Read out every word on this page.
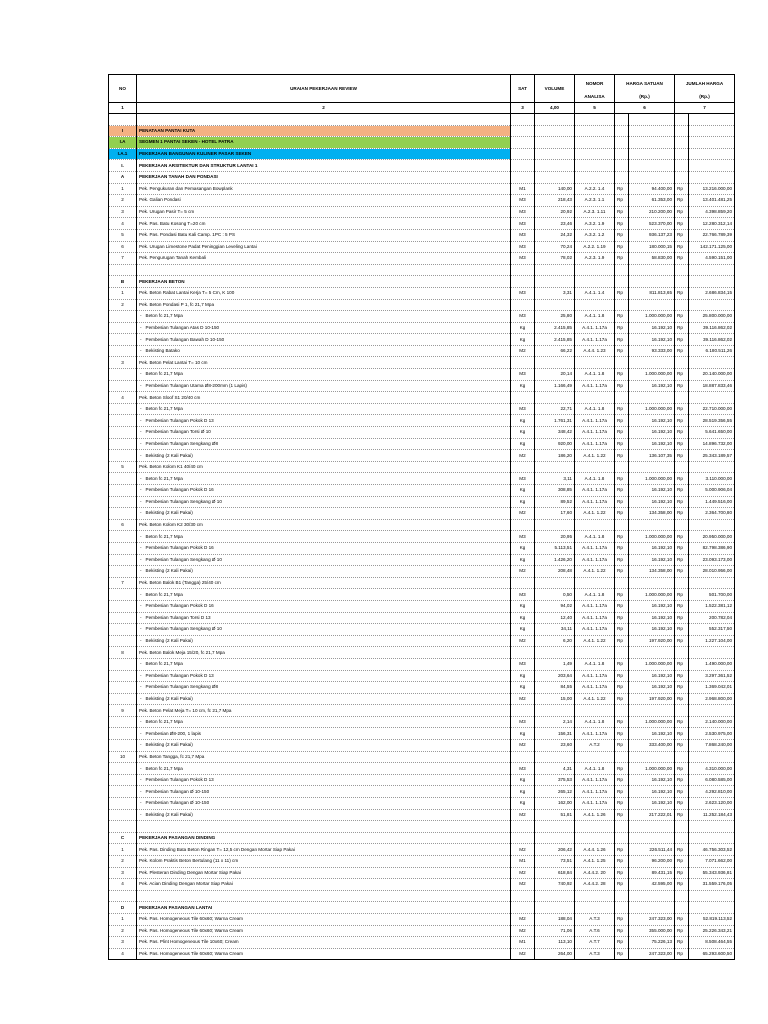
NO	URAIAN PEKERJAAN REVIEW	SAT	VOLUME	NOMOR	HARGA SATUAN		JUMLAH HARGA	
				ANALISA	(Rp.)		(Rp.)	
1	2	3	4,00	5	6		7	

I	PENATAAN PANTAI KUTA							
I.A	SEGMEN 1 PANTAI SEKEN - HOTEL PATRA							
I.A.1	PEKERJAAN BANGUNAN KULINER PASAR SEKEN							
I.	PEKERJAAN ARSITEKTUR DAN STRUKTUR LANTAI 1							
A	PEKERJAAN TANAH DAN PONDASI							
1	Pek. Pengukuran dan Pemasangan Bowplank	M1	140,00	A.2.2. 1.4	Rp	94.400,00	Rp	13.216.000,00
2	Pek. Galian Pondasi	M3	218,43	A.2.3. 1.1	Rp	61.353,00	Rp	13.401.481,25
3	Pek. Urugan Pasir T= 5 cm	M3	20,92	A.2.3. 1.11	Rp	210.200,00	Rp	4.398.859,20
4	Pek. Pas. Batu Kosong T=20 cm	M3	23,46	A.3.2. 1.9	Rp	523.370,00	Rp	12.280.312,14
5	Pek. Pas. Pondasi Batu Kali Camp. 1PC : 5 PS	M3	24,32	A.3.2. 1.2	Rp	936.137,23	Rp	22.766.789,39
6	Pek. Urugan Limestone Padat Peninggian Leveling Lantai	M3	70,24	A.2.2. 1.19	Rp	180.000,15	Rp	142.171.125,00
7	Pek. Pengurugan Tanah Kembali	M3	78,02	A.2.3. 1.9	Rp	58.830,00	Rp	4.590.151,00

B	PEKERJAAN BETON							
1	Pek. Beton Rabat Lantai Kerja T= 5 Cm, K 100	M3	3,31	A.4.1. 1.4	Rp	811.813,65	Rp	2.686.834,15
2	Pek. Beton Pondasi P 1, fc 21,7 Mpa							
	- Beton fc 21,7 Mpa	M3	25,80	A.4.1. 1.8	Rp	1.000.000,00	Rp	25.800.000,00
	- Pembesian Tulangan Atas D 10-150	Kg	2.415,85	A.4.1. 1.17a	Rp	16.192,10	Rp	39.116.862,02
	- Pembesian Tulangan Bawah D 10-150	Kg	2.415,85	A.4.1. 1.17a	Rp	16.192,10	Rp	39.116.862,02
	- Bekisting Batako	M2	66,22	A.4.4. 1.23	Rp	93.333,00	Rp	6.180.511,26
3	Pek. Beton Pelat Lantai T= 10 cm							
	- Beton fc 21,7 Mpa	M3	20,14	A.4.1. 1.8	Rp	1.000.000,00	Rp	20.140.000,00
	- Pembesian Tulangan Utama Ø8-200mm (1 Lapis)	Kg	1.166,49	A.4.1. 1.17a	Rp	16.192,10	Rp	18.887.833,46
4	Pek. Beton Sloof S1 20/40 cm							
	- Beton fc 21,7 Mpa	M3	22,71	A.4.1. 1.8	Rp	1.000.000,00	Rp	22.710.000,00
	- Pembesian Tulangan Pokok D 13	Kg	1.761,31	A.4.1. 1.17a	Rp	16.192,10	Rp	28.519.356,55
	- Pembesian Tulangan Torsi Ø 10	Kg	348,42	A.4.1. 1.17a	Rp	16.192,10	Rp	5.641.650,00
	- Pembesian Tulangan Sengkang Ø8	Kg	920,00	A.4.1. 1.17a	Rp	16.192,10	Rp	14.896.732,00
	- Bekisting (2 Kali Pakai)	M2	186,20	A.4.1. 1.22	Rp	136.107,35	Rp	25.343.189,57
5	Pek. Beton Kolom K1 40/40 cm							
	- Beton fc 21,7 Mpa	M3	3,11	A.4.1. 1.8	Rp	1.000.000,00	Rp	3.110.000,00
	- Pembesian Tulangan Pokok D 16	Kg	308,85	A.4.1. 1.17a	Rp	16.192,10	Rp	5.000.906,04
	- Pembesian Tulangan Sengkang Ø 10	Kg	89,52	A.4.1. 1.17a	Rp	16.192,10	Rp	1.449.516,00
	- Bekisting (2 Kali Pakai)	M2	17,60	A.4.1. 1.22	Rp	134.358,00	Rp	2.364.700,80
6	Pek. Beton Kolom K2 30/30 cm							
	- Beton fc 21,7 Mpa	M3	20,95	A.4.1. 1.8	Rp	1.000.000,00	Rp	20.950.000,00
	- Pembesian Tulangan Pokok D 16	Kg	5.113,51	A.4.1. 1.17a	Rp	16.192,10	Rp	82.798.386,90
	- Pembesian Tulangan Sengkang Ø 10	Kg	1.426,20	A.4.1. 1.17a	Rp	16.192,10	Rp	23.093.173,00
	- Bekisting (2 Kali Pakai)	M2	208,48	A.4.1. 1.22	Rp	134.358,00	Rp	28.010.956,00
7	Pek. Beton Balok B1 (Tangga) 25/40 cm							
	- Beton fc 21,7 Mpa	M3	0,50	A.4.1. 1.8	Rp	1.000.000,00	Rp	501.700,00
	- Pembesian Tulangan Pokok D 16	Kg	94,02	A.4.1. 1.17a	Rp	16.192,10	Rp	1.522.381,12
	- Pembesian Tulangan Torsi D 13	Kg	12,40	A.4.1. 1.17a	Rp	16.192,10	Rp	200.782,04
	- Pembesian Tulangan Sengkang Ø 10	Kg	34,11	A.4.1. 1.17a	Rp	16.192,10	Rp	552.317,50
	- Bekisting (2 Kali Pakai)	M2	6,20	A.4.1. 1.22	Rp	197.920,00	Rp	1.227.104,00
8	Pek. Beton Balok Meja 15/20, fc 21,7 Mpa							
	- Beton fc 21,7 Mpa	M3	1,49	A.4.1. 1.8	Rp	1.000.000,00	Rp	1.490.000,00
	- Pembesian Tulangan Pokok D 13	Kg	203,64	A.4.1. 1.17a	Rp	16.192,10	Rp	3.297.361,52
	- Pembesian Tulangan Sengkang Ø8	Kg	84,55	A.4.1. 1.17a	Rp	16.192,10	Rp	1.369.042,01
	- Bekisting (2 Kali Pakai)	M2	15,00	A.4.1. 1.22	Rp	197.920,00	Rp	2.968.800,00
9	Pek. Beton Pelat Meja T= 10 cm, fc 21,7 Mpa							
	- Beton fc 21,7 Mpa	M3	2,14	A.4.1. 1.8	Rp	1.000.000,00	Rp	2.140.000,00
	- Pembesian Ø8-200, 1 lapis	Kg	156,31	A.4.1. 1.17a	Rp	16.192,10	Rp	2.530.975,00
	- Bekisting (2 Kali Pakai)	M2	23,60	A.T.2	Rp	333.400,00	Rp	7.868.240,00
10	Pek. Beton Tangga, fc 21,7 Mpa							
	- Beton fc 21,7 Mpa	M3	4,31	A.4.1. 1.8	Rp	1.000.000,00	Rp	4.310.000,00
	- Pembesian Tulangan Pokok D 13	Kg	375,53	A.4.1. 1.17a	Rp	16.192,10	Rp	6.080.585,00
	- Pembesian Tulangan Ø 10-150	Kg	265,12	A.4.1. 1.17a	Rp	16.192,10	Rp	4.292.810,00
	- Pembesian Tulangan Ø 10-150	Kg	162,00	A.4.1. 1.17a	Rp	16.192,10	Rp	2.623.120,00
	- Bekisting (2 Kali Pakai)	M2	51,81	A.4.1. 1.26	Rp	217.222,01	Rp	11.252.184,43

C	PEKERJAAN PASANGAN DINDING							
1	Pek. Pas. Dinding Bata Beton Ringan T= 12,5 cm Dengan Mortar Siap Pakai	M2	206,42	A.4.4. 1.26	Rp	226.511,44	Rp	46.756.303,52
2	Pek. Kolom Praktis Beton Bertulang (11 x 11) cm	M1	73,51	A.4.1. 1.25	Rp	96.200,00	Rp	7.071.662,00
3	Pek. Plesteran Dinding Dengan Mortar Siap Pakai	M2	618,84	A.4.4.2. 20	Rp	89.431,15	Rp	55.343.936,81
4	Pek. Acian Dinding Dengan Mortar Siap Pakai	M2	740,92	A.4.4.2. 28	Rp	42.595,00	Rp	31.559.176,05

D	PEKERJAAN PASANGAN LANTAI							
1	Pek. Pas. Homogeneous Tile 60x60; Warna Cream	M2	188,04	A.T.3	Rp	247.323,00	Rp	52.819.113,52
2	Pek. Pas. Homogeneous Tile 60x60; Warna Cream	M2	71,06	A.T.6	Rp	355.000,00	Rp	25.226.343,21
3	Pek. Pas. Plint Homogeneous Tile 10x60; Cream	M1	113,10	A.T.7	Rp	75.226,13	Rp	8.508.464,55
4	Pek. Pas. Homogeneous Tile 60x60; Warna Cream	M2	264,00	A.T.3	Rp	247.323,00	Rp	65.293.600,50
